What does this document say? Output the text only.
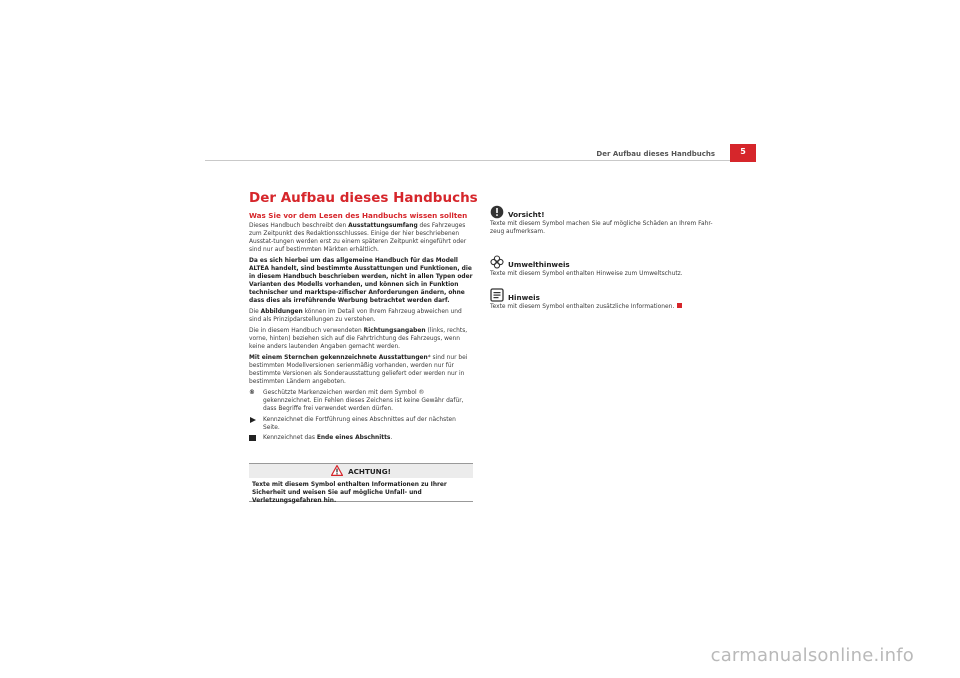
Der Aufbau dieses Handbuchs	5
Der Aufbau dieses Handbuchs
Was Sie vor dem Lesen des Handbuchs wissen sollten

Dieses Handbuch beschreibt den Ausstattungsumfang des Fahrzeuges zum Zeitpunkt des Redaktionsschlusses. Einige der hier beschriebenen Ausstat-tungen werden erst zu einem späteren Zeitpunkt eingeführt oder sind nur auf bestimmten Märkten erhältlich.

Da es sich hierbei um das allgemeine Handbuch für das Modell ALTEA handelt, sind bestimmte Ausstattungen und Funktionen, die in diesem Handbuch beschrieben werden, nicht in allen Typen oder Varianten des Modells vorhanden, und können sich in Funktion technischer und marktspe-zifischer Anforderungen ändern, ohne dass dies als irreführende Werbung betrachtet werden darf.

Die Abbildungen können im Detail von Ihrem Fahrzeug abweichen und sind als Prinzipdarstellungen zu verstehen.

Die in diesem Handbuch verwendeten Richtungsangaben (links, rechts, vorne, hinten) beziehen sich auf die Fahrtrichtung des Fahrzeugs, wenn keine anders lautenden Angaben gemacht werden.

Mit einem Sternchen gekennzeichnete Ausstattungen* sind nur bei bestimmten Modellversionen serienmäßig vorhanden, werden nur für bestimmte Versionen als Sonderausstattung geliefert oder werden nur in bestimmten Ländern angeboten.

® Geschützte Markenzeichen werden mit dem Symbol ® gekennzeichnet. Ein Fehlen dieses Zeichens ist keine Gewähr dafür, dass Begriffe frei verwendet werden dürfen.
Kennzeichnet die Fortführung eines Abschnittes auf der nächsten Seite.
Kennzeichnet das Ende eines Abschnitts.
ACHTUNG!
Texte mit diesem Symbol enthalten Informationen zu Ihrer Sicherheit und weisen Sie auf mögliche Unfall- und Verletzungsgefahren hin.
Vorsicht!
Texte mit diesem Symbol machen Sie auf mögliche Schäden an Ihrem Fahr-zeug aufmerksam.
Umwelthinweis
Texte mit diesem Symbol enthalten Hinweise zum Umweltschutz.
Hinweis
Texte mit diesem Symbol enthalten zusätzliche Informationen.
carmanualsonline.info
